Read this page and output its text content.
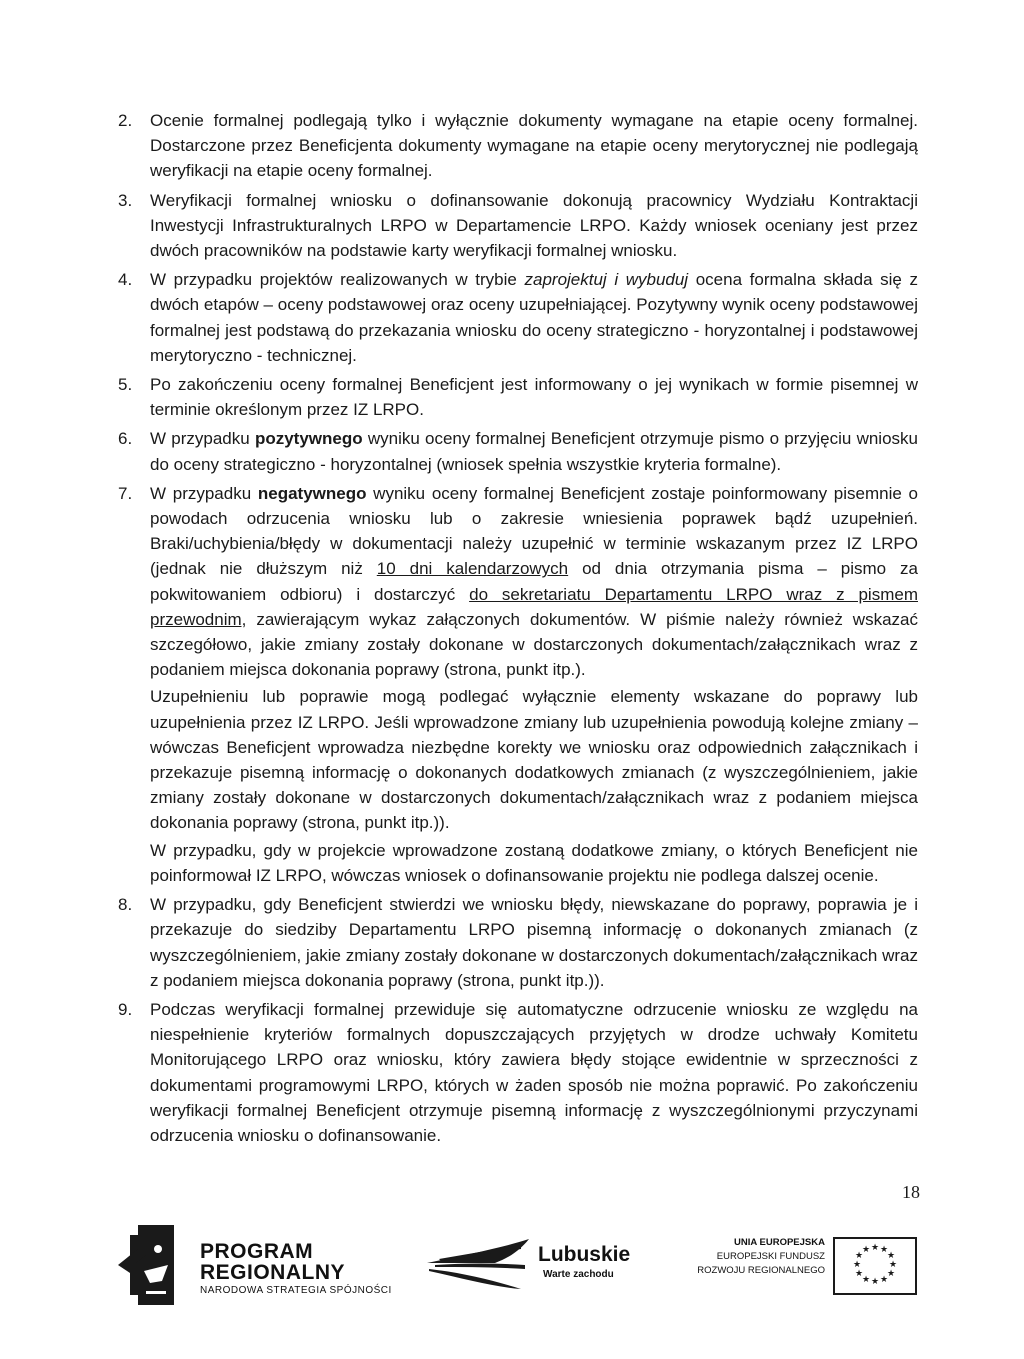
2. Ocenie formalnej podlegają tylko i wyłącznie dokumenty wymagane na etapie oceny formalnej. Dostarczone przez Beneficjenta dokumenty wymagane na etapie oceny merytorycznej nie podlegają weryfikacji na etapie oceny formalnej.
3. Weryfikacji formalnej wniosku o dofinansowanie dokonują pracownicy Wydziału Kontraktacji Inwestycji Infrastrukturalnych LRPO w Departamencie LRPO. Każdy wniosek oceniany jest przez dwóch pracowników na podstawie karty weryfikacji formalnej wniosku.
4. W przypadku projektów realizowanych w trybie zaprojektuj i wybuduj ocena formalna składa się z dwóch etapów – oceny podstawowej oraz oceny uzupełniającej. Pozytywny wynik oceny podstawowej formalnej jest podstawą do przekazania wniosku do oceny strategiczno - horyzontalnej i podstawowej merytoryczno - technicznej.
5. Po zakończeniu oceny formalnej Beneficjent jest informowany o jej wynikach w formie pisemnej w terminie określonym przez IZ LRPO.
6. W przypadku pozytywnego wyniku oceny formalnej Beneficjent otrzymuje pismo o przyjęciu wniosku do oceny strategiczno - horyzontalnej (wniosek spełnia wszystkie kryteria formalne).
7. W przypadku negatywnego wyniku oceny formalnej Beneficjent zostaje poinformowany pisemnie o powodach odrzucenia wniosku lub o zakresie wniesienia poprawek bądź uzupełnień. Braki/uchybienia/błędy w dokumentacji należy uzupełnić w terminie wskazanym przez IZ LRPO (jednak nie dłuższym niż 10 dni kalendarzowych od dnia otrzymania pisma – pismo za pokwitowaniem odbioru) i dostarczyć do sekretariatu Departamentu LRPO wraz z pismem przewodnim, zawierającym wykaz załączonych dokumentów. W piśmie należy również wskazać szczegółowo, jakie zmiany zostały dokonane w dostarczonych dokumentach/załącznikach wraz z podaniem miejsca dokonania poprawy (strona, punkt itp.).
Uzupełnieniu lub poprawie mogą podlegać wyłącznie elementy wskazane do poprawy lub uzupełnienia przez IZ LRPO. Jeśli wprowadzone zmiany lub uzupełnienia powodują kolejne zmiany – wówczas Beneficjent wprowadza niezbędne korekty we wniosku oraz odpowiednich załącznikach i przekazuje pisemną informację o dokonanych dodatkowych zmianach (z wyszczególnieniem, jakie zmiany zostały dokonane w dostarczonych dokumentach/załącznikach wraz z podaniem miejsca dokonania poprawy (strona, punkt itp.)).
W przypadku, gdy w projekcie wprowadzone zostaną dodatkowe zmiany, o których Beneficjent nie poinformował IZ LRPO, wówczas wniosek o dofinansowanie projektu nie podlega dalszej ocenie.
8. W przypadku, gdy Beneficjent stwierdzi we wniosku błędy, niewskazane do poprawy, poprawia je i przekazuje do siedziby Departamentu LRPO pisemną informację o dokonanych zmianach (z wyszczególnieniem, jakie zmiany zostały dokonane w dostarczonych dokumentach/załącznikach wraz z podaniem miejsca dokonania poprawy (strona, punkt itp.)).
9. Podczas weryfikacji formalnej przewiduje się automatyczne odrzucenie wniosku ze względu na niespełnienie kryteriów formalnych dopuszczających przyjętych w drodze uchwały Komitetu Monitorującego LRPO oraz wniosku, który zawiera błędy stojące ewidentnie w sprzeczności z dokumentami programowymi LRPO, których w żaden sposób nie można poprawić. Po zakończeniu weryfikacji formalnej Beneficjent otrzymuje pisemną informację z wyszczególnionymi przyczynami odrzucenia wniosku o dofinansowanie.
18
PROGRAM
REGIONALNY
NARODOWA STRATEGIA SPÓJNOŚCI
Lubuskie
Warte zachodu
UNIA EUROPEJSKA
EUROPEJSKI FUNDUSZ
ROZWOJU REGIONALNEGO
★ ★
★
★
★
★
★
★
★
★
★
★
